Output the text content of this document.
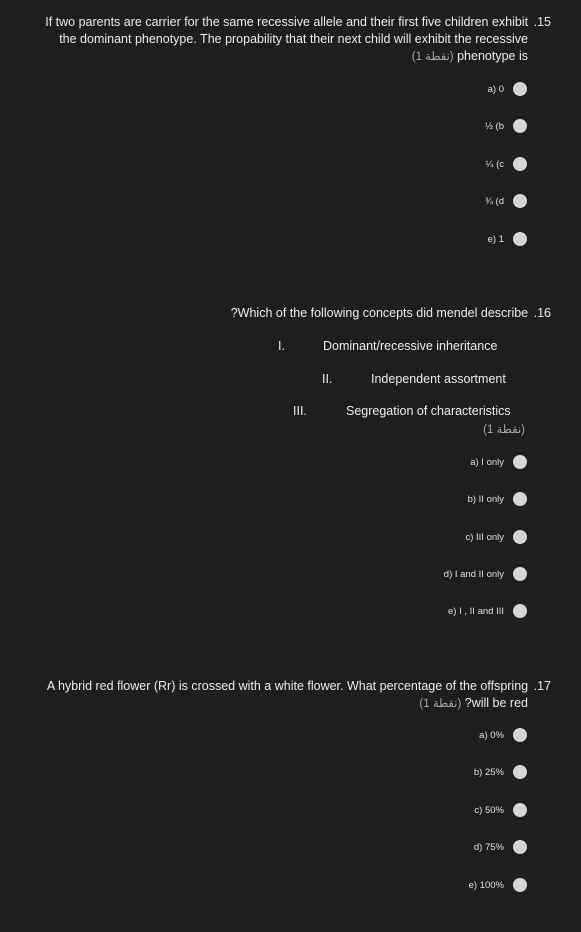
If two parents are carrier for the same recessive allele and their first five children exhibit .15
the dominant phenotype. The propability that their next child will exhibit the recessive
(1 نقطة) phenotype is
a) 0
½ (b
¼ (c
¾ (d
e) 1
?Which of the following concepts did mendel describe .16
I.	Dominant/recessive inheritance
II.	Independent assortment
III.	Segregation of characteristics
(1 نقطة)
a) I only
b) II only
c) III only
d) I and II only
e) I , II and III
A hybrid red flower (Rr) is crossed with a white flower. What percentage of the offspring .17
(1 نقطة) ?will be red
a) 0%
b) 25%
c) 50%
d) 75%
e) 100%
